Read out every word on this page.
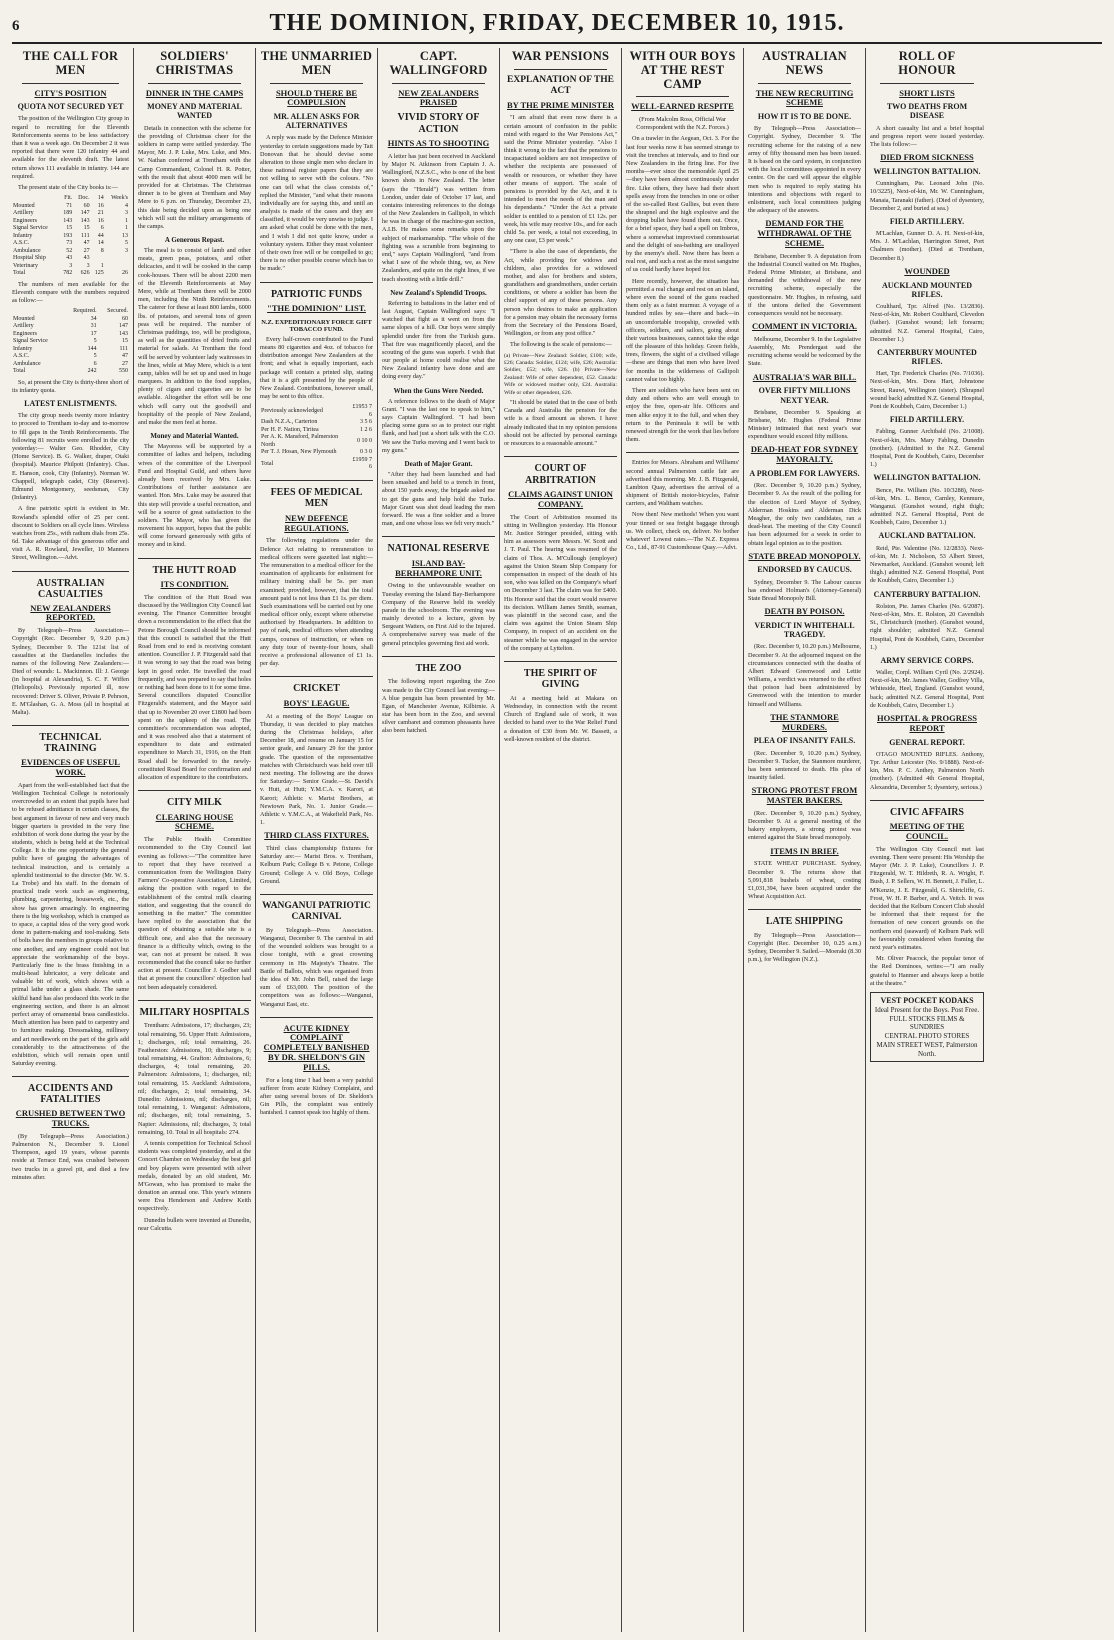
6	THE DOMINION, FRIDAY, DECEMBER 10, 1915.
THE CALL FOR MEN
CITY'S POSITION
QUOTA NOT SECURED YET

The position of the Wellington City group in regard to recruiting for the Eleventh Reinforcements seems to be less satisfactory than it was a week ago. On December 2 it was reported that there were 120 infantry 44 and available for the eleventh draft. The latest return shows 111 available in infantry. 144 are required.

The present state of the City books is:—

	Fit.	Doc.	14	Week's
Mounted	71	60	16	4
Artillery	189	147	21	3
Engineers	143	143	16	1
Signal Service	15	15	6	1
Infantry	193	111	44	13
A.S.C.	73	47	14	5
Ambulance	52	27	8	3
Hospital Ship	43	43		
Veterinary	3	3	1	
Total	782	626	125	26

The numbers of men available for the Eleventh compare with the numbers required as follow:—

	Required.	Secured.
Mounted	34	60
Artillery	31	147
Engineers	17	143
Signal Service	5	15
Infantry	144	111
A.S.C.	5	47
Ambulance	6	27
Total	242	550

So, at present the City is thirty-three short of its infantry quota.

LATEST ENLISTMENTS.

The city group needs twenty more infantry to proceed to Trentham to-day and to-morrow to fill gaps in the Tenth Reinforcements. The following 81 recruits were enrolled in the city yesterday:— Walter Geo. Rhodder, City (Home Service). B. G. Walker, draper, Otaki (hospital). Maurice Philpott (Infantry). Chas. E. Hanson, cook, City (Infantry). Norman W. Chappell, telegraph cadet, City (Reserve). Edmund Montgomery, seedsman, City (Infantry).

A fine patriotic spirit is evident in Mr. Rowland's splendid offer of 25 per cent. discount to Soldiers on all cycle lines. Wireless watches from 25s., with radium dials from 25s. 6d. Take advantage of this generous offer and visit A. R. Rowland, Jeweller, 10 Manners Street, Wellington.—Advt.

AUSTRALIAN CASUALTIES
NEW ZEALANDERS REPORTED.

By Telegraph—Press Association—Copyright (Rec. December 9, 9.20 p.m.) Sydney, December 9. The 121st list of casualties at the Dardanelles includes the names of the following New Zealanders:—Died of wounds: L. Mackinnon. Ill: J. George (in hospital at Alexandria), S. C. F. Wiffen (Heliopolis). Previously reported ill, now recovered: Driver S. Oliver, Private P. Pehrson, E. M'Glashan, G. A. Moss (all in hospital at Malta).

TECHNICAL TRAINING
EVIDENCES OF USEFUL WORK.

Apart from the well-established fact that the Wellington Technical College is notoriously overcrowded to an extent that pupils have had to be refused admittance in certain classes, the best argument in favour of new and very much bigger quarters is provided in the very fine exhibition of work done during the year by the students, which is being held at the Technical College. It is the one opportunity the general public have of gauging the advantages of technical instruction, and is certainly a splendid testimonial to the director (Mr. W. S. La Trobe) and his staff. In the domain of practical trade work such as engineering, plumbing, carpentering, housework, etc., the show has grown amazingly. In engineering there is the big workshop, which is cramped as to space, a capital idea of the very good work done in pattern-making and tool-making. Sets of bolts have the members in groups relative to one another, and any engineer could not but appreciate the workmanship of the boys. Particularly fine is the brass finishing in a multi-head lubricator, a very delicate and valuable bit of work, which shows with a primal lathe under a glass shade. The same skilful hand has also produced this work in the engineering section, and there is an almost perfect array of ornamental brass candlesticks. Much attention has been paid to carpentry and to furniture making. Dressmaking, millinery and art needlework on the part of the girls add considerably to the attractiveness of the exhibition, which will remain open until Saturday evening.

ACCIDENTS AND FATALITIES
CRUSHED BETWEEN TWO TRUCKS.

(By Telegraph—Press Association.) Palmerston N., December 9. Lionel Thompson, aged 19 years, whose parents reside at Terrace End, was crushed between two trucks in a gravel pit, and died a few minutes after.

SOLDIERS' CHRISTMAS
DINNER IN THE CAMPS
MONEY AND MATERIAL WANTED

Details in connection with the scheme for the providing of Christmas cheer for the soldiers in camp were settled yesterday. The Mayor, Mr. J. P. Luke, Mrs. Luke, and Mrs. W. Nathan conferred at Trentham with the Camp Commandant, Colonel H. R. Potter, with the result that about 4000 men will be provided for at Christmas. The Christmas dinner is to be given at Trentham and May Mere to 6 p.m. on Thursday, December 23, this date being decided upon as being one which will suit the military arrangements of the camps.

A Generous Repast.

The meal is to consist of lamb and other meats, green peas, potatoes, and other delicacies, and it will be cooked in the camp cook-houses. There will be about 2200 men of the Eleventh Reinforcements at May Mere, while at Trentham there will be 2000 men, including the Ninth Reinforcements. The caterer for these at least 800 lambs, 6000 lbs. of potatoes, and several tons of green peas will be required. The number of Christmas puddings, too, will be prodigious, as well as the quantities of dried fruits and material for salads. At Trentham the food will be served by volunteer lady waitresses in the lines, while at May Mere, which is a tent camp, tables will be set up and used in huge marquees. In addition to the food supplies, plenty of cigars and cigarettes are to be available. Altogether the effort will be one which will carry out the goodwill and hospitality of the people of New Zealand, and make the men feel at home.

Money and Material Wanted.

The Mayoress will be supported by a committee of ladies and helpers, including wives of the committee of the Liverpool Fund and Hospital Guild, and others have already been received by Mrs. Luke. Contributions of further assistance are wanted. Hon. Mrs. Luke may be assured that this step will provide a useful recreation, and will be a source of great satisfaction to the soldiers. The Mayor, who has given the movement his support, hopes that the public will come forward generously with gifts of money and in kind.

THE HUTT ROAD
ITS CONDITION.

The condition of the Hutt Road was discussed by the Wellington City Council last evening. The Finance Committee brought down a recommendation to the effect that the Petone Borough Council should be informed that this council is satisfied that the Hutt Road from end to end is receiving constant attention. Councillor J. P. Fitzgerald said that it was wrong to say that the road was being kept in good order. He travelled the road frequently, and was prepared to say that holes or nothing had been done to it for some time. Several councillors disputed Councillor Fitzgerald's statement, and the Mayor said that up to November 20 over £1800 had been spent on the upkeep of the road. The committee's recommendation was adopted, and it was resolved also that a statement of expenditure to date and estimated expenditure to March 31, 1916, on the Hutt Road shall be forwarded to the newly-constituted Road Board for confirmation and allocation of expenditure to the contributors.

CITY MILK
CLEARING HOUSE SCHEME.

The Public Health Committee recommended to the City Council last evening as follows:—"The committee have to report that they have received a communication from the Wellington Dairy Farmers' Co-operative Association, Limited, asking the position with regard to the establishment of the central milk clearing station, and suggesting that the council do something in the matter." The committee have replied to the association that the question of obtaining a suitable site is a difficult one, and also that the necessary finance is a difficulty which, owing to the war, can not at present be raised. It was recommended that the council take no further action at present. Councillor J. Godber said that at present the councillors' objection had not been adequately considered.

MILITARY HOSPITALS

Trentham: Admissions, 17; discharges, 23; total remaining, 56. Upper Hutt: Admissions, 1; discharges, nil; total remaining, 26. Featherston: Admissions, 10; discharges, 9; total remaining, 44. Grafton: Admissions, 6; discharges, 4; total remaining, 20. Palmerston: Admissions, 1; discharges, nil; total remaining, 15. Auckland: Admissions, nil; discharges, 2; total remaining, 34. Dunedin: Admissions, nil; discharges, nil; total remaining, 1. Wanganui: Admissions, nil; discharges, nil; total remaining, 5. Napier: Admissions, nil; discharges, 3; total remaining, 10. Total in all hospitals: 274.

A tennis competition for Technical School students was completed yesterday, and at the Concert Chamber on Wednesday the best girl and boy players were presented with silver medals, donated by an old student, Mr. M'Gowan, who has promised to make the donation an annual one. This year's winners were Eva Henderson and Andrew Keith respectively.

Dunedin bullets were invented at Dunedin, near Calcutta.

THE UNMARRIED MEN
SHOULD THERE BE COMPULSION
MR. ALLEN ASKS FOR ALTERNATIVES

A reply was made by the Defence Minister yesterday to certain suggestions made by Tait Donovan that he should devise some alteration to those single men who declare in these national register papers that they are not willing to serve with the colours. "No one can tell what the class consists of," replied the Minister, "and what their reasons individually are for saying this, and until an analysis is made of the cases and they are classified, it would be very unwise to judge. I am asked what could be done with the men, and I wish I did not quite know, under a voluntary system. Either they must volunteer of their own free will or be compelled to go; there is no other possible course which has to be made."

PATRIOTIC FUNDS
"THE DOMINION" LIST.
N.Z. EXPEDITIONARY FORCE GIFT TOBACCO FUND.

Every half-crown contributed to the Fund means 80 cigarettes and 4oz. of tobacco for distribution amongst New Zealanders at the front; and what is equally important, each package will contain a printed slip, stating that it is a gift presented by the people of New Zealand. Contributions, however small, may be sent to this office.

Previously acknowledged	£1953 7 6
Dash N.Z.A., Carterton	3 5 6
Per H. F. Nation, Tiritea	1 2 6
Per A. K. Mansford, Palmerston North	0 10 0
Per T. J. Hosan, New Plymouth	0 3 0
Total	£1959 7 6
FEES OF MEDICAL MEN
NEW DEFENCE REGULATIONS.

The following regulations under the Defence Act relating to remuneration to medical officers were gazetted last night:— The remuneration to a medical officer for the examination of applicants for enlistment for military training shall be 5s. per man examined; provided, however, that the total amount paid is not less than £1 1s. per diem. Such examinations will be carried out by one medical officer only, except where otherwise authorised by Headquarters. In addition to pay of rank, medical officers when attending camps, courses of instruction, or when on any duty tour of twenty-four hours, shall receive a professional allowance of £1 1s. per day.

CRICKET
BOYS' LEAGUE.

At a meeting of the Boys' League on Thursday, it was decided to play matches during the Christmas holidays, after December 18, and resume on January 15 for senior grade, and January 29 for the junior grade. The question of the representative matches with Christchurch was held over till next meeting. The following are the draws for Saturday:— Senior Grade.—St. David's v. Hutt, at Hutt; Y.M.C.A. v. Karori, at Karori; Athletic v. Marist Brothers, at Newtown Park, No. 1. Junior Grade.—Athletic v. Y.M.C.A., at Wakefield Park, No. 1.

THIRD CLASS FIXTURES.

Third class championship fixtures for Saturday are:— Marist Bros. v. Trentham, Kelburn Park; College B v. Petone, College Ground; College A v. Old Boys, College Ground.

WANGANUI PATRIOTIC CARNIVAL

By Telegraph—Press Association. Wanganui, December 9. The carnival in aid of the wounded soldiers was brought to a close tonight, with a great crowning ceremony in His Majesty's Theatre. The Battle of Ballots, which was organised from the idea of Mr. John Bell, raised the large sum of £63,000. The position of the competitors was as follows:—Wanganui, Wanganui East, etc.

ACUTE KIDNEY COMPLAINT COMPLETELY BANISHED BY DR. SHELDON'S GIN PILLS.

For a long time I had been a very painful sufferer from acute Kidney Complaint, and after using several boxes of Dr. Sheldon's Gin Pills, the complaint was entirely banished. I cannot speak too highly of them.

CAPT. WALLINGFORD
NEW ZEALANDERS PRAISED
VIVID STORY OF ACTION
HINTS AS TO SHOOTING

A letter has just been received in Auckland by Major N. Atkinson from Captain J. A. Wallingford, N.Z.S.C., who is one of the best known shots in New Zealand. The letter (says the "Herald") was written from London, under date of October 17 last, and contains interesting references to the doings of the New Zealanders in Gallipoli, in which he was in charge of the machine-gun section, A.I.B. He makes some remarks upon the subject of marksmanship. "The whole of the fighting was a scramble from beginning to end," says Captain Wallingford, "and from what I saw of the whole thing, we, as New Zealanders, and quite on the right lines, if we teach shooting with a little drill."

New Zealand's Splendid Troops.

Referring to battalions in the latter end of last August, Captain Wallingford says: "I watched that fight as it went on from the same slopes of a hill. Our boys were simply splendid under fire from the Turkish guns. That fire was magnificently placed, and the scouting of the guns was superb. I wish that our people at home could realise what the New Zealand infantry have done and are doing every day."

When the Guns Were Needed.

A reference follows to the death of Major Grant. "I was the last one to speak to him," says Captain Wallingford. "I had been placing some guns so as to protect our right flank, and had just a short talk with the C.O. We saw the Turks moving and I went back to my guns."

Death of Major Grant.

"After they had been launched and had been smashed and held to a trench in front, about 150 yards away, the brigade asked me to get the guns and help hold the Turks. Major Grant was shot dead leading the men forward. He was a fine soldier and a brave man, and one whose loss we felt very much."

NATIONAL RESERVE
ISLAND BAY-BERHAMPORE UNIT.

Owing to the unfavourable weather on Tuesday evening the Island Bay-Berhampore Company of the Reserve held its weekly parade in the schoolroom. The evening was mainly devoted to a lecture, given by Sergeant Watters, on First Aid to the Injured. A comprehensive survey was made of the general principles governing first aid work.

THE ZOO

The following report regarding the Zoo was made to the City Council last evening:— A blue penguin has been presented by Mr. Egan, of Manchester Avenue, Kilbirnie. A star has been born in the Zoo, and several silver cambaret and common pheasants have also been hatched.

WAR PENSIONS
EXPLANATION OF THE ACT
BY THE PRIME MINISTER

"I am afraid that even now there is a certain amount of confusion in the public mind with regard to the War Pensions Act," said the Prime Minister yesterday. "Also I think it wrong to the fact that the pensions to incapacitated soldiers are not irrespective of whether the recipients are possessed of wealth or resources, or whether they have other means of support. The scale of pensions is provided by the Act, and it is intended to meet the needs of the man and his dependants." "Under the Act a private soldier is entitled to a pension of £1 12s. per week, his wife may receive 10s., and for each child 5s. per week, a total not exceeding, in any one case, £3 per week."

"There is also the case of dependants, the Act, while providing for widows and children, also provides for a widowed mother, and also for brothers and sisters, grandfathers and grandmothers, under certain conditions, or where a soldier has been the chief support of any of these persons. Any person who desires to make an application for a pension may obtain the necessary forms from the Secretary of the Pensions Board, Wellington, or from any post office."

The following is the scale of pensions:—

(a) Private—New Zealand: Soldier, £100; wife, £26; Canada: Soldier, £124; wife, £26; Australia: Soldier, £52; wife, £26. (b) Private—New Zealand: Wife of other dependent, £52. Canada: Wife or widowed mother only, £24. Australia: Wife or other dependent, £26.

"It should be stated that in the case of both Canada and Australia the pension for the wife is a fixed amount as shown. I have already indicated that in my opinion pensions should not be affected by personal earnings or resources to a reasonable amount."

COURT OF ARBITRATION
CLAIMS AGAINST UNION COMPANY.

The Court of Arbitration resumed its sitting in Wellington yesterday. His Honour Mr. Justice Stringer presided, sitting with him as assessors were Messrs. W. Scott and J. T. Paul. The hearing was resumed of the claim of Thos. A. M'Cullough (employer) against the Union Steam Ship Company for compensation in respect of the death of his son, who was killed on the Company's wharf on December 3 last. The claim was for £400. His Honour said that the court would reserve its decision. William James Smith, seaman, was plaintiff in the second case, and the claim was against the Union Steam Ship Company, in respect of an accident on the steamer while he was engaged in the service of the company at Lyttelton.

THE SPIRIT OF GIVING

At a meeting held at Makara on Wednesday, in connection with the recent Church of England sale of work, it was decided to hand over to the War Relief Fund a donation of £30 from Mr. W. Bassett, a well-known resident of the district.

WITH OUR BOYS AT THE REST CAMP
WELL-EARNED RESPITE

(From Malcolm Ross, Official War Correspondent with the N.Z. Forces.)

On a trawler in the Aegean, Oct. 3. For the last four weeks now it has seemed strange to visit the trenches at intervals, and to find our New Zealanders in the firing line. For five months—ever since the memorable April 25—they have been almost continuously under fire. Like others, they have had their short spells away from the trenches in one or other of the so-called Rest Gullies, but even there the shrapnel and the high explosive and the dropping bullet have found them out. Once, for a brief space, they had a spell on Imbros, where a somewhat improvised commissariat and the delight of sea-bathing are unalloyed by the enemy's shell. Now there has been a real rest, and such a rest as the most sanguine of us could hardly have hoped for.

Here recently, however, the situation has permitted a real change and rest on an island, where even the sound of the guns reached them only as a faint murmur. A voyage of a hundred miles by sea—there and back—in an uncomfortable troopship, crowded with officers, soldiers, and sailors, going about their various businesses, cannot take the edge off the pleasure of this holiday. Green fields, trees, flowers, the sight of a civilised village—these are things that men who have lived for months in the wilderness of Gallipoli cannot value too highly.

There are soldiers who have been sent on duty and others who are well enough to enjoy the free, open-air life. Officers and men alike enjoy it to the full, and when they return to the Peninsula it will be with renewed strength for the work that lies before them.

Entries for Messrs. Abraham and Williams' second annual Palmerston cattle fair are advertised this morning. Mr. J. B. Fitzgerald, Lambton Quay, advertises the arrival of a shipment of British motor-bicycles, Fafnir carriers, and Waltham watches.

Now then! New methods! When you want your tinned or sea freight baggage through us. We collect, check on, deliver. No bother whatever! Lowest rates.—The N.Z. Express Co., Ltd., 87-91 Customhouse Quay.—Advt.

AUSTRALIAN NEWS
THE NEW RECRUITING SCHEME
HOW IT IS TO BE DONE.

By Telegraph—Press Association—Copyright. Sydney, December 9. The recruiting scheme for the raising of a new army of fifty thousand men has been issued. It is based on the card system, in conjunction with the local committees appointed in every centre. On the card will appear the eligible men who is required to reply stating his intentions and objections with regard to enlistment, such local committees judging the adequacy of the answers.

DEMAND FOR THE WITHDRAWAL OF THE SCHEME.

Brisbane, December 9. A deputation from the Industrial Council waited on Mr. Hughes, Federal Prime Minister, at Brisbane, and demanded the withdrawal of the new recruiting scheme, especially the questionnaire. Mr. Hughes, in refusing, said if the unions defied the Government consequences would not be necessary.

COMMENT IN VICTORIA.

Melbourne, December 9. In the Legislative Assembly, Mr. Prendergast said the recruiting scheme would be welcomed by the State.

AUSTRALIA'S WAR BILL.
OVER FIFTY MILLIONS NEXT YEAR.

Brisbane, December 9. Speaking at Brisbane, Mr. Hughes (Federal Prime Minister) intimated that next year's war expenditure would exceed fifty millions.

DEAD-HEAT FOR SYDNEY MAYORALTY.
A PROBLEM FOR LAWYERS.

(Rec. December 9, 10.20 p.m.) Sydney, December 9. As the result of the polling for the election of Lord Mayor of Sydney, Alderman Hoskins and Alderman Dick Meagher, the only two candidates, ran a dead-heat. The meeting of the City Council has been adjourned for a week in order to obtain legal opinion as to the position.

STATE BREAD MONOPOLY.
ENDORSED BY CAUCUS.

Sydney, December 9. The Labour caucus has endorsed Holman's (Attorney-General) State Bread Monopoly Bill.

DEATH BY POISON.
VERDICT IN WHITEHALL TRAGEDY.

(Rec. December 9, 10.20 p.m.) Melbourne, December 9. At the adjourned inquest on the circumstances connected with the deaths of Albert Edward Greenwood and Lettie Williams, a verdict was returned to the effect that poison had been administered by Greenwood with the intention to murder himself and Williams.

THE STANMORE MURDERS.
PLEA OF INSANITY FAILS.

(Rec. December 9, 10.20 p.m.) Sydney, December 9. Tucker, the Stanmore murderer, has been sentenced to death. His plea of insanity failed.

STRONG PROTEST FROM MASTER BAKERS.

(Rec. December 9, 10.20 p.m.) Sydney, December 9. At a general meeting of the bakery employers, a strong protest was entered against the State bread monopoly.

ITEMS IN BRIEF.

STATE WHEAT PURCHASE. Sydney, December 9. The returns show that 5,091,818 bushels of wheat, costing £1,031,394, have been acquired under the Wheat Acquisition Act.

LATE SHIPPING

By Telegraph—Press Association—Copyright (Rec. December 10, 0.25 a.m.) Sydney, December 9. Sailed.—Moeraki (8.30 p.m.), for Wellington (N.Z.).

ROLL OF HONOUR
SHORT LISTS
TWO DEATHS FROM DISEASE

A short casualty list and a brief hospital and progress report were issued yesterday. The lists follow:—

DIED FROM SICKNESS
WELLINGTON BATTALION.

Cunningham, Pte. Leonard John (No. 10/3225), Next-of-kin, Mr. W. Cunningham, Manaia, Taranaki (father). (Died of dysentery, December 2, and buried at sea.)

FIELD ARTILLERY.

M'Lachlan, Gunner D. A. H. Next-of-kin, Mrs. J. M'Lachlan, Harrington Street, Port Chalmers (mother). (Died at Trentham, December 8.)

WOUNDED
AUCKLAND MOUNTED RIFLES.

Coulthard, Tpr. Alfred (No. 13/2836). Next-of-kin, Mr. Robert Coulthard, Clevedon (father). (Gunshot wound; left forearm; admitted N.Z. General Hospital, Cairo, December 1.)

CANTERBURY MOUNTED RIFLES.

Hart, Tpr. Frederick Charles (No. 7/1036). Next-of-kin, Mrs. Dora Hart, Johnstone Street, Rauwi, Wellington (sister). (Shrapnel wound back) admitted N.Z. General Hospital, Pont de Koubbeh, Cairo, December 1.)

FIELD ARTILLERY.

Fabling, Gunner Archibald (No. 2/1008). Next-of-kin, Mrs. Mary Fabling, Dunedin (mother). (Admitted to the N.Z. General Hospital, Pont de Koubbeh, Cairo, December 1.)

WELLINGTON BATTALION.

Bence, Pte. William (No. 10/3288), Next-of-kin, Mrs. L. Bence, Carnley, Kenmure, Wanganui. (Gunshot wound, right thigh; admitted N.Z. General Hospital, Pont de Koubbeh, Cairo, December 1.)

AUCKLAND BATTALION.

Reid, Pte. Valentine (No. 12/2833). Next-of-kin, Mr. J. Nicholson, 53 Albert Street, Newmarket, Auckland. (Gunshot wound; left thigh.) admitted N.Z. General Hospital, Pont de Koubbeh, Cairo, December 1.)

CANTERBURY BATTALION.

Rolston, Pte. James Charles (No. 6/2087). Next-of-kin, Mrs. E. Rolston, 20 Cavendish St., Christchurch (mother). (Gunshot wound, right shoulder; admitted N.Z. General Hospital, Pont de Koubbeh, Cairo, December 1.)

ARMY SERVICE CORPS.

Waller, Corpl. William Cyril (No. 2/2924). Next-of-kin, Mr. James Waller, Godfrey Villa, Whiteside, Heel, England. (Gunshot wound, back; admitted N.Z. General Hospital, Pont de Koubbeh, Cairo, December 1.)

HOSPITAL & PROGRESS REPORT
GENERAL REPORT.

OTAGO MOUNTED RIFLES. Anthony, Tpr. Arthur Leicester (No. 9/1888). Next-of-kin, Mrs. P. C. Anthey, Palmerston North (mother). (Admitted 4th General Hospital, Alexandria, December 5; dysentery, serious.)

CIVIC AFFAIRS
MEETING OF THE COUNCIL.

The Wellington City Council met last evening. There were present: His Worship the Mayor (Mr. J. P. Luke), Councillors J. P. Fitzgerald, W. T. Hildreth, R. A. Wright, F. Bush, J. P. Sellers, W. H. Bennett, J. Fuller, L. M'Kenzie, J. E. Fitzgerald, G. Shirtcliffe, G. Frost, W. H. P. Barber, and A. Veitch. It was decided that the Kelburn Concert Club should be informed that their request for the formation of new concert grounds on the northern end (seaward) of Kelburn Park will be favourably considered when framing the next year's estimates.

Mr. Oliver Peacock, the popular tenor of the Red Dominoes, writes:—"I am really grateful to Hanmer and always keep a bottle at the theatre."

VEST POCKET KODAKS
Ideal Present for the Boys. Post Free.
FULL STOCKS FILMS & SUNDRIES
CENTRAL PHOTO STORES
MAIN STREET WEST, Palmerston North.
